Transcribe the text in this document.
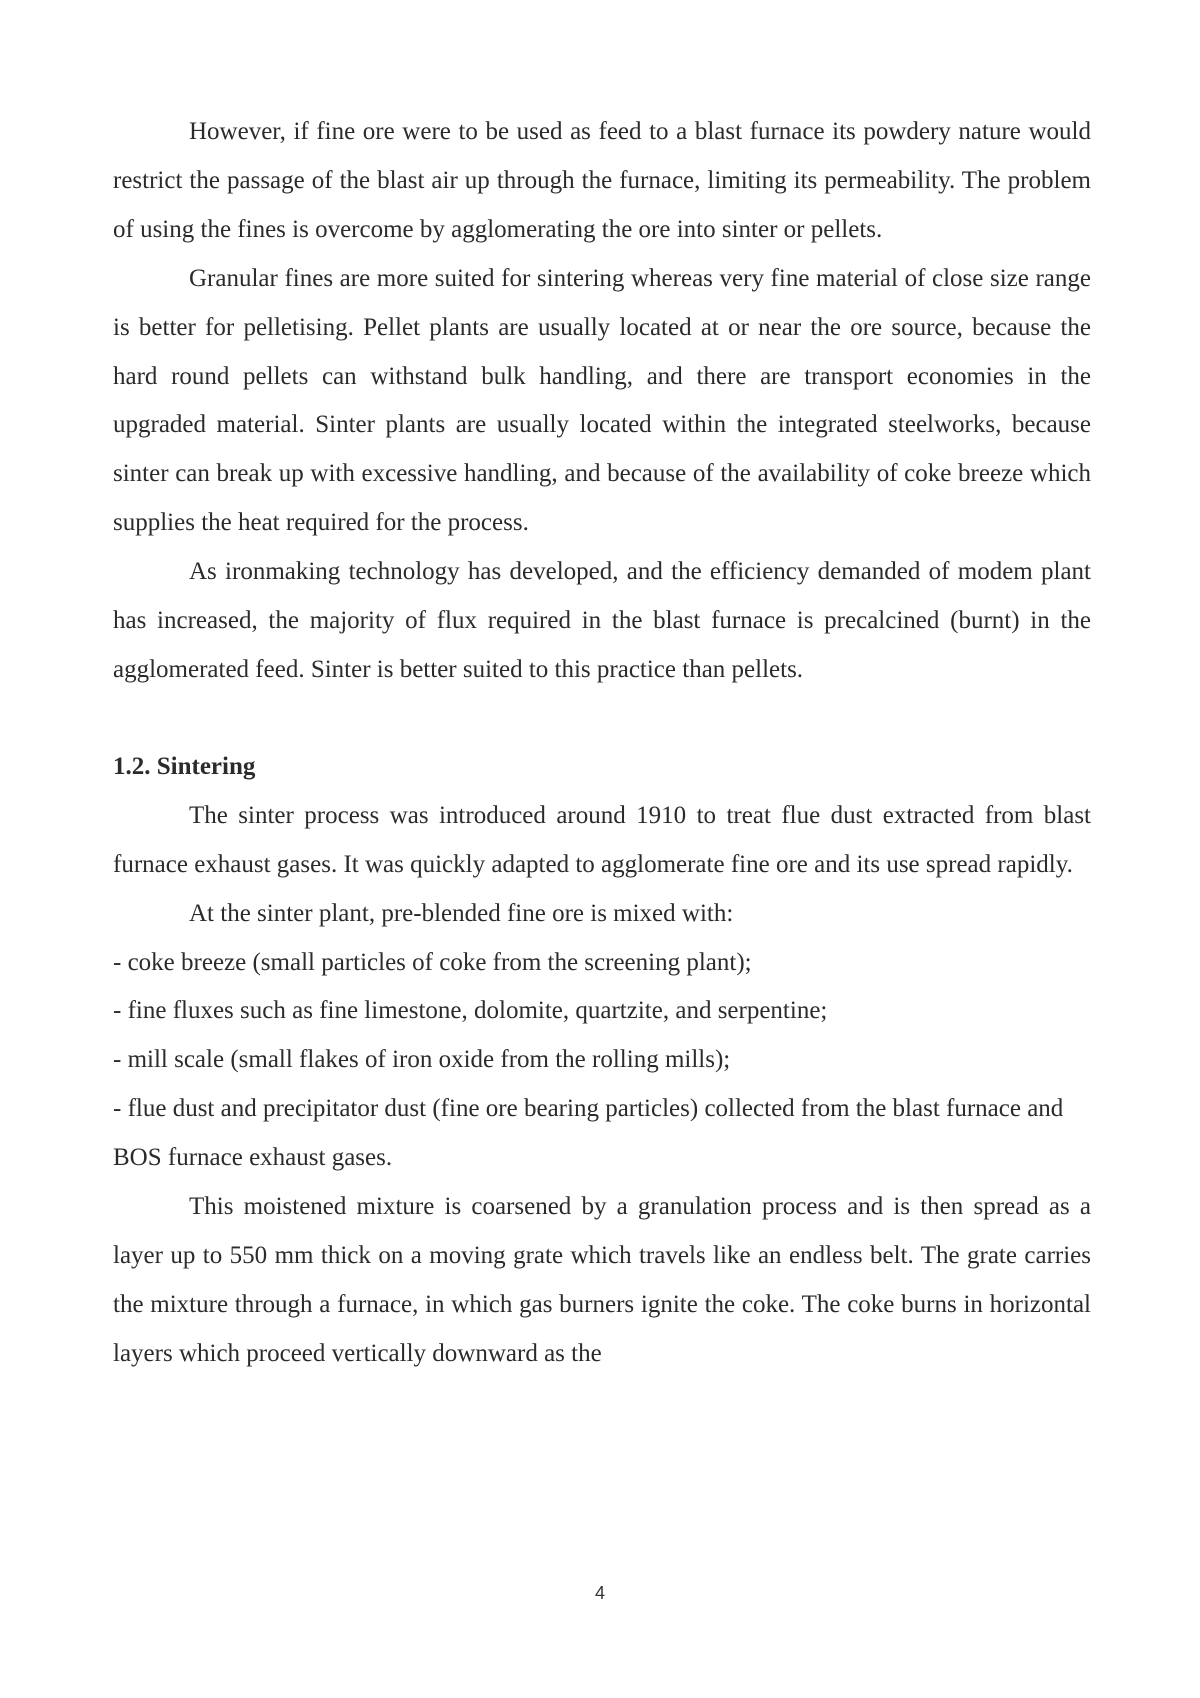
However, if fine ore were to be used as feed to a blast furnace its powdery nature would restrict the passage of the blast air up through the furnace, limiting its permeability. The problem of using the fines is overcome by agglomerating the ore into sinter or pellets.

Granular fines are more suited for sintering whereas very fine material of close size range is better for pelletising. Pellet plants are usually located at or near the ore source, because the hard round pellets can withstand bulk handling, and there are transport economies in the upgraded material. Sinter plants are usually located within the integrated steelworks, because sinter can break up with excessive handling, and because of the availability of coke breeze which supplies the heat required for the process.

As ironmaking technology has developed, and the efficiency demanded of modem plant has increased, the majority of flux required in the blast furnace is precalcined (burnt) in the agglomerated feed. Sinter is better suited to this practice than pellets.

1.2. Sintering

The sinter process was introduced around 1910 to treat flue dust extracted from blast furnace exhaust gases. It was quickly adapted to agglomerate fine ore and its use spread rapidly.

At the sinter plant, pre-blended fine ore is mixed with:

- coke breeze (small particles of coke from the screening plant);

- fine fluxes such as fine limestone, dolomite, quartzite, and serpentine;

- mill scale (small flakes of iron oxide from the rolling mills);

- flue dust and precipitator dust (fine ore bearing particles) collected from the blast furnace and BOS furnace exhaust gases.

This moistened mixture is coarsened by a granulation process and is then spread as a layer up to 550 mm thick on a moving grate which travels like an endless belt. The grate carries the mixture through a furnace, in which gas burners ignite the coke. The coke burns in horizontal layers which proceed vertically downward as the

4
